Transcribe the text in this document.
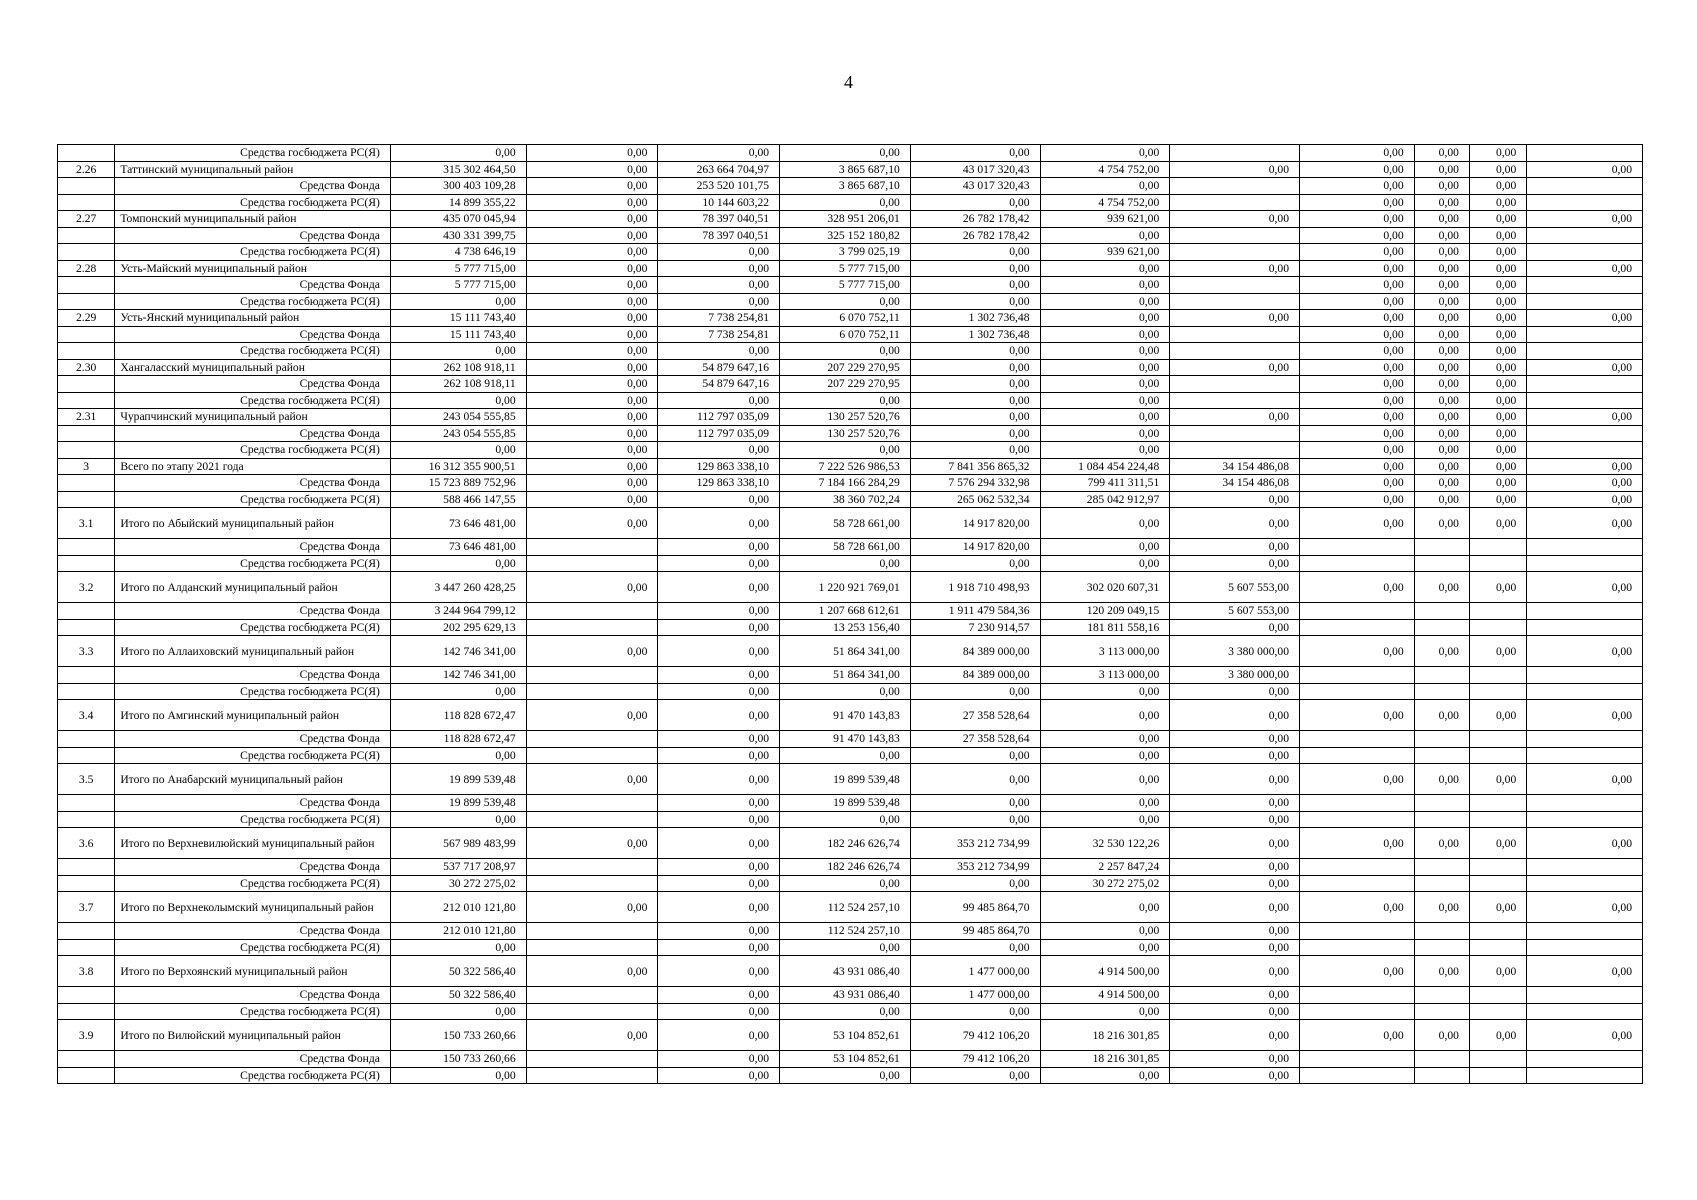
4
	Средства госбюджета РС(Я)	0,00	0,00	0,00	0,00	0,00	0,00		0,00	0,00	0,00	
2.26	Таттинский муниципальный район	315 302 464,50	0,00	263 664 704,97	3 865 687,10	43 017 320,43	4 754 752,00	0,00	0,00	0,00	0,00	0,00
	Средства Фонда	300 403 109,28	0,00	253 520 101,75	3 865 687,10	43 017 320,43	0,00		0,00	0,00	0,00	
	Средства госбюджета РС(Я)	14 899 355,22	0,00	10 144 603,22	0,00	0,00	4 754 752,00		0,00	0,00	0,00	
2.27	Томпонский муниципальный район	435 070 045,94	0,00	78 397 040,51	328 951 206,01	26 782 178,42	939 621,00	0,00	0,00	0,00	0,00	0,00
	Средства Фонда	430 331 399,75	0,00	78 397 040,51	325 152 180,82	26 782 178,42	0,00		0,00	0,00	0,00	
	Средства госбюджета РС(Я)	4 738 646,19	0,00	0,00	3 799 025,19	0,00	939 621,00		0,00	0,00	0,00	
2.28	Усть-Майский муниципальный район	5 777 715,00	0,00	0,00	5 777 715,00	0,00	0,00	0,00	0,00	0,00	0,00	0,00
	Средства Фонда	5 777 715,00	0,00	0,00	5 777 715,00	0,00	0,00		0,00	0,00	0,00	
	Средства госбюджета РС(Я)	0,00	0,00	0,00	0,00	0,00	0,00		0,00	0,00	0,00	
2.29	Усть-Янский муниципальный район	15 111 743,40	0,00	7 738 254,81	6 070 752,11	1 302 736,48	0,00	0,00	0,00	0,00	0,00	0,00
	Средства Фонда	15 111 743,40	0,00	7 738 254,81	6 070 752,11	1 302 736,48	0,00		0,00	0,00	0,00	
	Средства госбюджета РС(Я)	0,00	0,00	0,00	0,00	0,00	0,00		0,00	0,00	0,00	
2.30	Хангаласский муниципальный район	262 108 918,11	0,00	54 879 647,16	207 229 270,95	0,00	0,00	0,00	0,00	0,00	0,00	0,00
	Средства Фонда	262 108 918,11	0,00	54 879 647,16	207 229 270,95	0,00	0,00		0,00	0,00	0,00	
	Средства госбюджета РС(Я)	0,00	0,00	0,00	0,00	0,00	0,00		0,00	0,00	0,00	
2.31	Чурапчинский муниципальный район	243 054 555,85	0,00	112 797 035,09	130 257 520,76	0,00	0,00	0,00	0,00	0,00	0,00	0,00
	Средства Фонда	243 054 555,85	0,00	112 797 035,09	130 257 520,76	0,00	0,00		0,00	0,00	0,00	
	Средства госбюджета РС(Я)	0,00	0,00	0,00	0,00	0,00	0,00		0,00	0,00	0,00	
3	Всего по этапу 2021 года	16 312 355 900,51	0,00	129 863 338,10	7 222 526 986,53	7 841 356 865,32	1 084 454 224,48	34 154 486,08	0,00	0,00	0,00	0,00
	Средства Фонда	15 723 889 752,96	0,00	129 863 338,10	7 184 166 284,29	7 576 294 332,98	799 411 311,51	34 154 486,08	0,00	0,00	0,00	0,00
	Средства госбюджета РС(Я)	588 466 147,55	0,00	0,00	38 360 702,24	265 062 532,34	285 042 912,97	0,00	0,00	0,00	0,00	0,00
3.1	Итого по Абыйский муниципальный район	73 646 481,00	0,00	0,00	58 728 661,00	14 917 820,00	0,00	0,00	0,00	0,00	0,00	0,00
	Средства Фонда	73 646 481,00		0,00	58 728 661,00	14 917 820,00	0,00	0,00				
	Средства госбюджета РС(Я)	0,00		0,00	0,00	0,00	0,00	0,00				
3.2	Итого по Алданский муниципальный район	3 447 260 428,25	0,00	0,00	1 220 921 769,01	1 918 710 498,93	302 020 607,31	5 607 553,00	0,00	0,00	0,00	0,00
	Средства Фонда	3 244 964 799,12		0,00	1 207 668 612,61	1 911 479 584,36	120 209 049,15	5 607 553,00				
	Средства госбюджета РС(Я)	202 295 629,13		0,00	13 253 156,40	7 230 914,57	181 811 558,16	0,00				
3.3	Итого по Аллаиховский муниципальный район	142 746 341,00	0,00	0,00	51 864 341,00	84 389 000,00	3 113 000,00	3 380 000,00	0,00	0,00	0,00	0,00
	Средства Фонда	142 746 341,00		0,00	51 864 341,00	84 389 000,00	3 113 000,00	3 380 000,00				
	Средства госбюджета РС(Я)	0,00		0,00	0,00	0,00	0,00	0,00				
3.4	Итого по Амгинский муниципальный район	118 828 672,47	0,00	0,00	91 470 143,83	27 358 528,64	0,00	0,00	0,00	0,00	0,00	0,00
	Средства Фонда	118 828 672,47		0,00	91 470 143,83	27 358 528,64	0,00	0,00				
	Средства госбюджета РС(Я)	0,00		0,00	0,00	0,00	0,00	0,00				
3.5	Итого по Анабарский муниципальный район	19 899 539,48	0,00	0,00	19 899 539,48	0,00	0,00	0,00	0,00	0,00	0,00	0,00
	Средства Фонда	19 899 539,48		0,00	19 899 539,48	0,00	0,00	0,00				
	Средства госбюджета РС(Я)	0,00		0,00	0,00	0,00	0,00	0,00				
3.6	Итого по Верхневилюйский муниципальный район	567 989 483,99	0,00	0,00	182 246 626,74	353 212 734,99	32 530 122,26	0,00	0,00	0,00	0,00	0,00
	Средства Фонда	537 717 208,97		0,00	182 246 626,74	353 212 734,99	2 257 847,24	0,00				
	Средства госбюджета РС(Я)	30 272 275,02		0,00	0,00	0,00	30 272 275,02	0,00				
3.7	Итого по Верхнеколымский муниципальный район	212 010 121,80	0,00	0,00	112 524 257,10	99 485 864,70	0,00	0,00	0,00	0,00	0,00	0,00
	Средства Фонда	212 010 121,80		0,00	112 524 257,10	99 485 864,70	0,00	0,00				
	Средства госбюджета РС(Я)	0,00		0,00	0,00	0,00	0,00	0,00				
3.8	Итого по Верхоянский муниципальный район	50 322 586,40	0,00	0,00	43 931 086,40	1 477 000,00	4 914 500,00	0,00	0,00	0,00	0,00	0,00
	Средства Фонда	50 322 586,40		0,00	43 931 086,40	1 477 000,00	4 914 500,00	0,00				
	Средства госбюджета РС(Я)	0,00		0,00	0,00	0,00	0,00	0,00				
3.9	Итого по Вилюйский муниципальный район	150 733 260,66	0,00	0,00	53 104 852,61	79 412 106,20	18 216 301,85	0,00	0,00	0,00	0,00	0,00
	Средства Фонда	150 733 260,66		0,00	53 104 852,61	79 412 106,20	18 216 301,85	0,00				
	Средства госбюджета РС(Я)	0,00		0,00	0,00	0,00	0,00	0,00				
